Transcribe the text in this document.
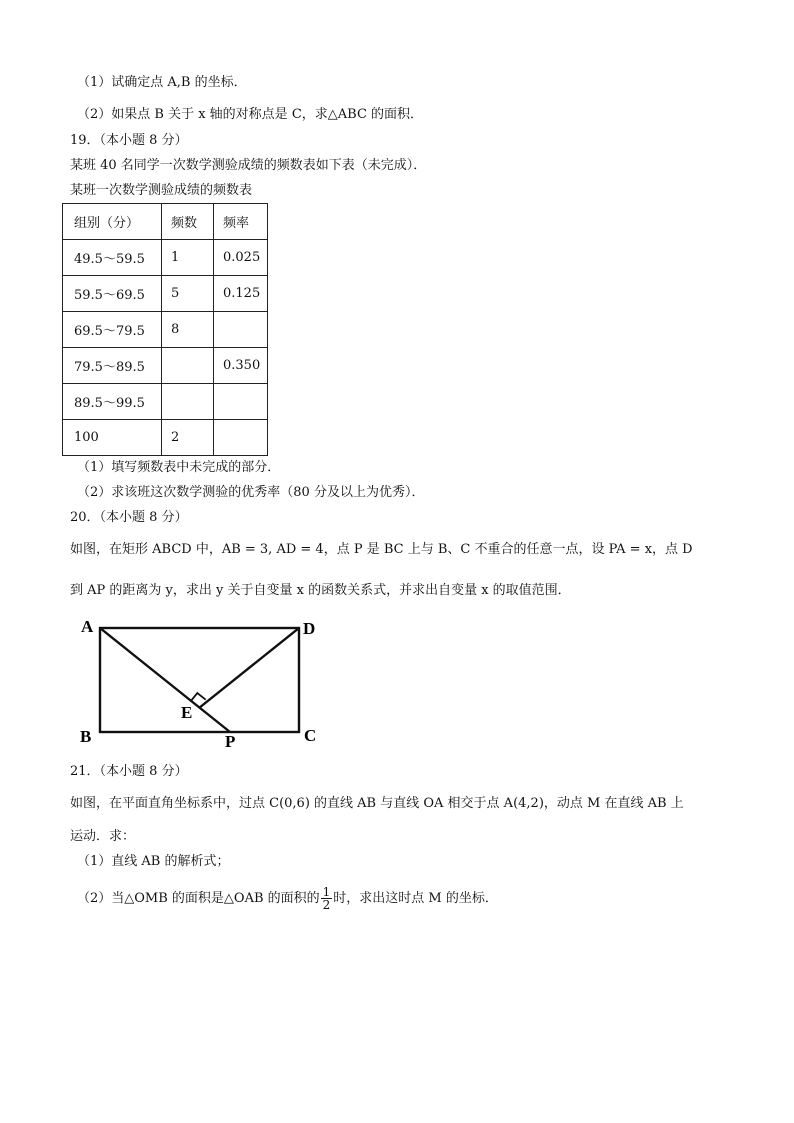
（1）试确定点 A,B 的坐标．
（2）如果点 B 关于 x 轴的对称点是 C，求△ABC 的面积．
19．（本小题 8 分）
某班 40 名同学一次数学测验成绩的频数表如下表（未完成）．
某班一次数学测验成绩的频数表
组别（分）	频数	频率
49.5～59.5	1	0.025
59.5～69.5	5	0.125
69.5～79.5	8	
79.5～89.5		0.350
89.5～99.5		
100	2	
（1）填写频数表中未完成的部分．
（2）求该班这次数学测验的优秀率（80 分及以上为优秀）．
20．（本小题 8 分）
如图，在矩形 ABCD 中，AB = 3, AD = 4，点 P 是 BC 上与 B、C 不重合的任意一点，设 PA = x，点 D
到 AP 的距离为 y，求出 y 关于自变量 x 的函数关系式，并求出自变量 x 的取值范围．
A	D
B	C
E
P
21．（本小题 8 分）
如图，在平面直角坐标系中，过点 C(0,6) 的直线 AB 与直线 OA 相交于点 A(4,2)，动点 M 在直线 AB 上
运动．求：
（1）直线 AB 的解析式；
（2）当△OMB 的面积是△OAB 的面积的 $\frac{1}{2}$ 时，求出这时点 M 的坐标．
